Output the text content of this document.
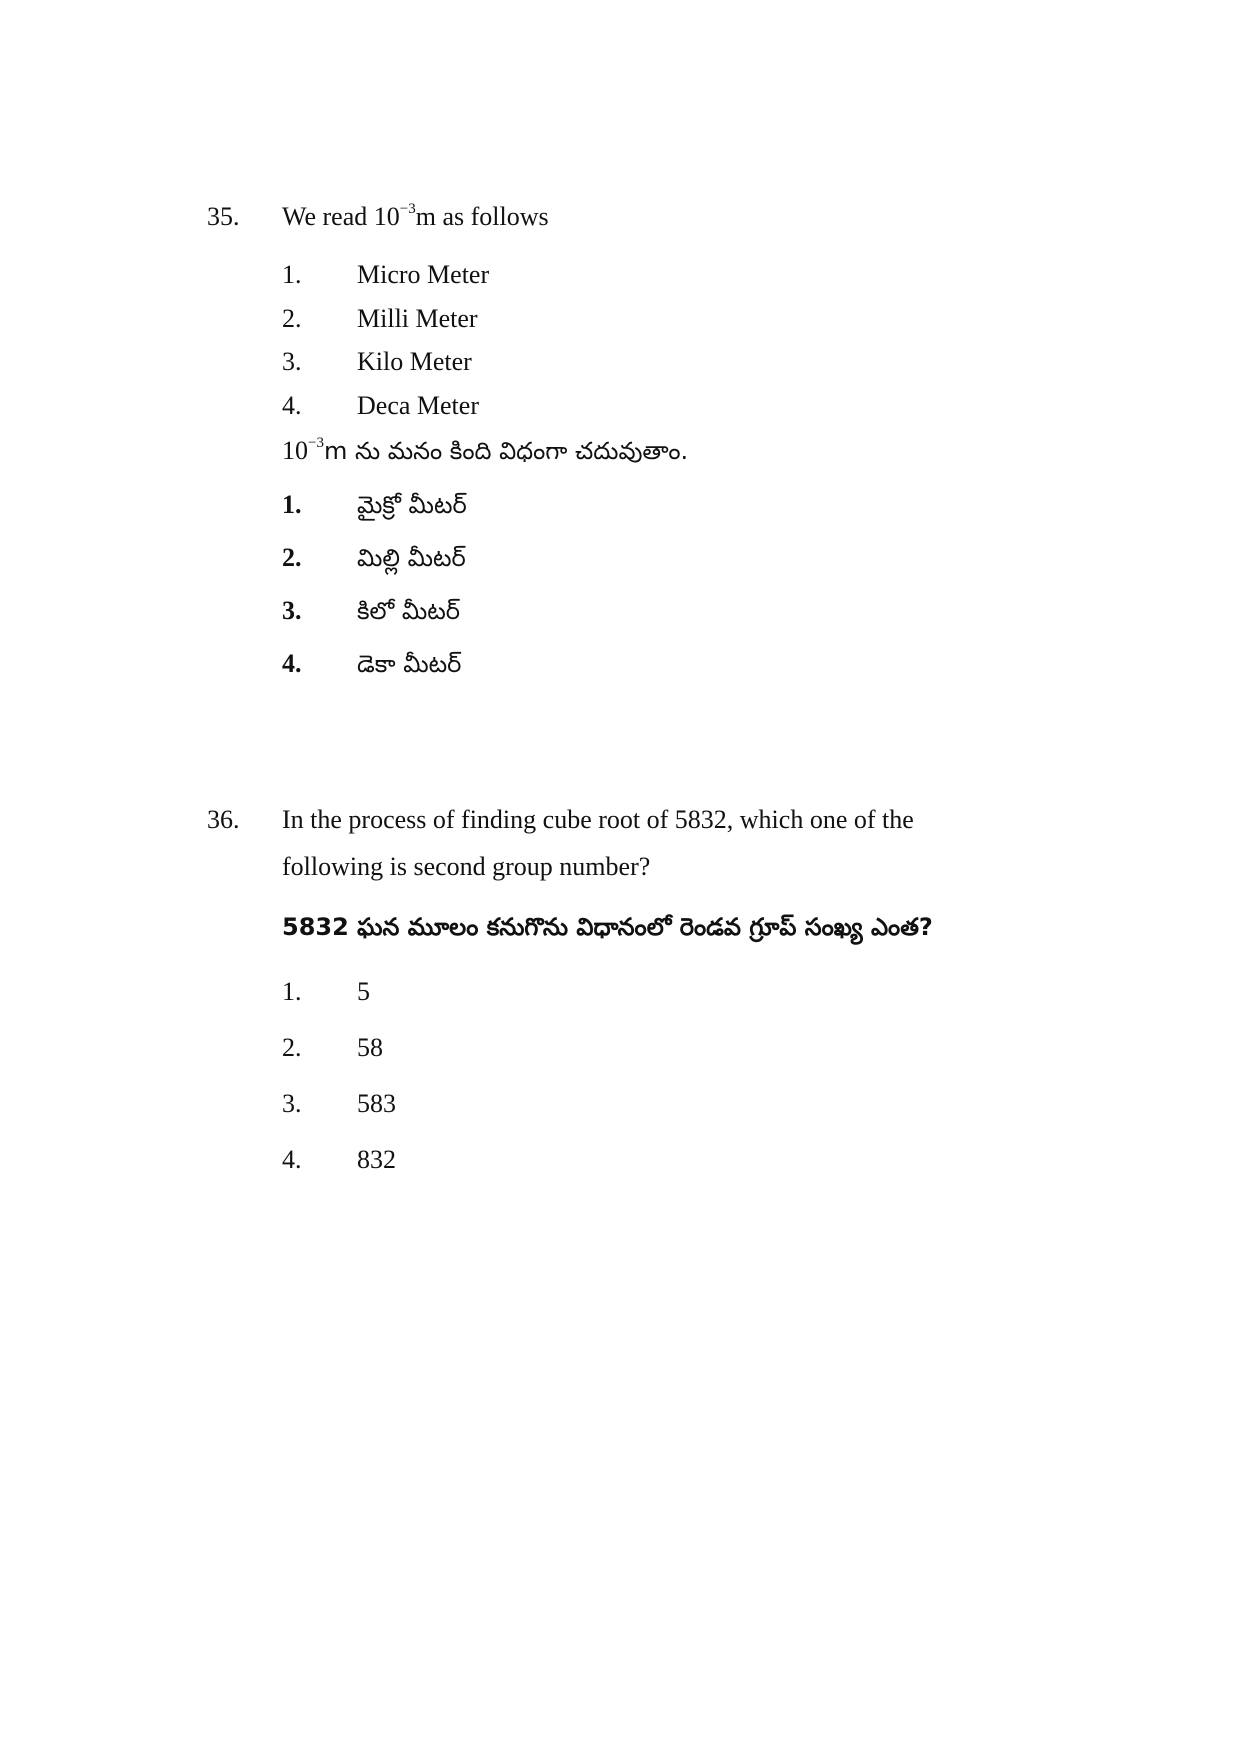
35. We read $10^{-3}m$ as follows
1. Micro Meter
2. Milli Meter
3. Kilo Meter
4. Deca Meter
$10^{-3}m$ ను మనం కింది విధంగా చదువుతాం.
1. మైక్రో మీటర్
2. మిల్లి మీటర్
3. కిలో మీటర్
4. డెకా మీటర్
36. In the process of finding cube root of 5832, which one of the
following is second group number?
5832 ఘన మూలం కనుగొను విధానంలో రెండవ గ్రూప్ సంఖ్య ఎంత?
1. 5
2. 58
3. 583
4. 832
